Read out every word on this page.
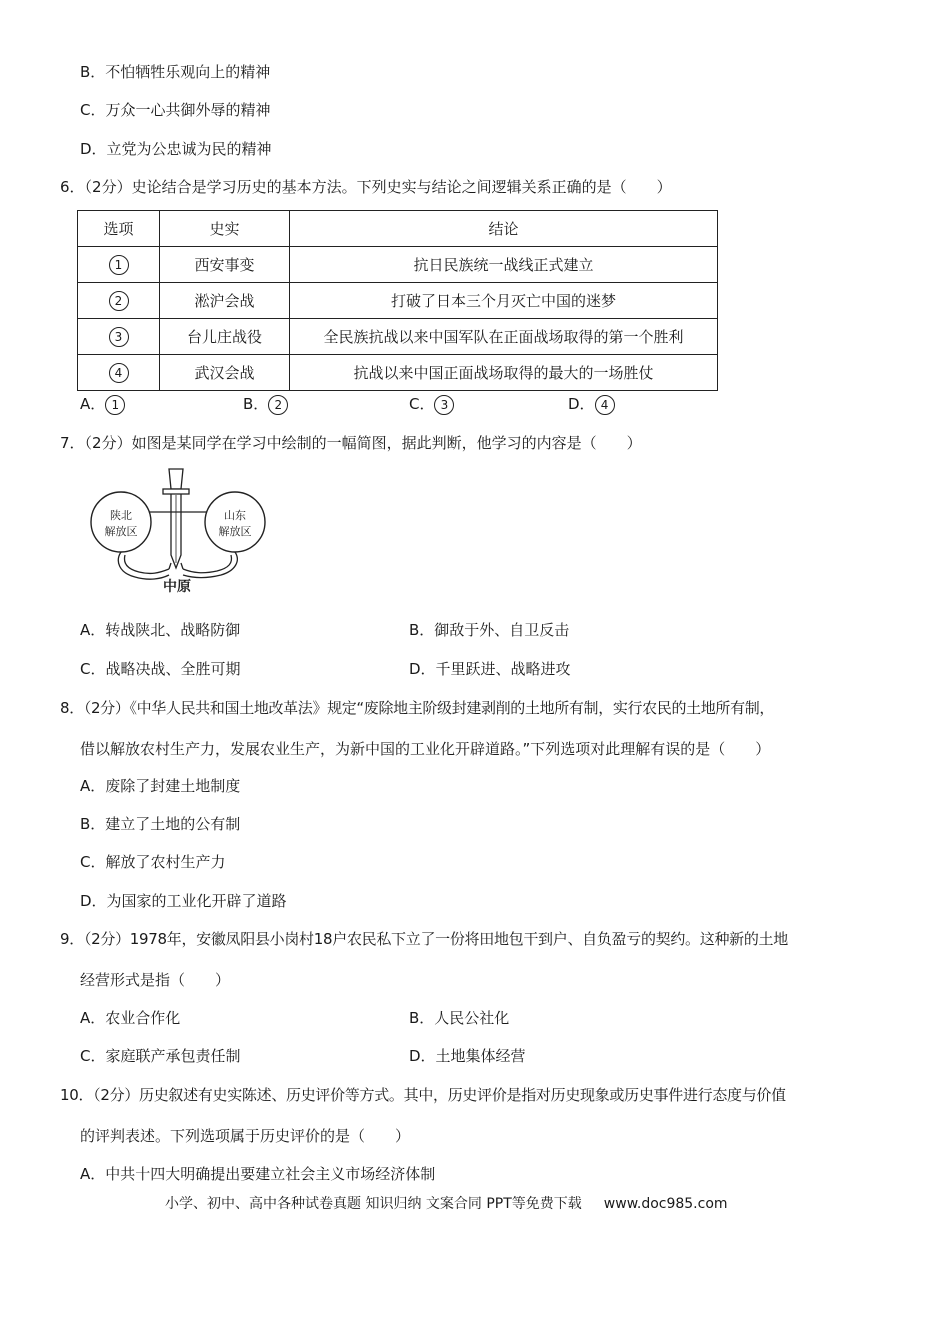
B．不怕牺牲乐观向上的精神
C．万众一心共御外辱的精神
D．立党为公忠诚为民的精神
6．（2分）史论结合是学习历史的基本方法。下列史实与结论之间逻辑关系正确的是（　　）
选项	史实	结论
1	西安事变	抗日民族统一战线正式建立
2	淞沪会战	打破了日本三个月灭亡中国的迷梦
3	台儿庄战役	全民族抗战以来中国军队在正面战场取得的第一个胜利
4	武汉会战	抗战以来中国正面战场取得的最大的一场胜仗
A． 1	B． 2	C． 3	D． 4
7．（2分）如图是某同学在学习中绘制的一幅简图，据此判断，他学习的内容是（　　）
陕北
解放区
山东
解放区
中原
A．转战陕北、战略防御	B．御敌于外、自卫反击
C．战略决战、全胜可期	D．千里跃进、战略进攻
8．（2分）《中华人民共和国土地改革法》规定“废除地主阶级封建剥削的土地所有制，实行农民的土地所有制，
借以解放农村生产力，发展农业生产，为新中国的工业化开辟道路。”下列选项对此理解有误的是（　　）
A．废除了封建土地制度
B．建立了土地的公有制
C．解放了农村生产力
D．为国家的工业化开辟了道路
9．（2分）1978年，安徽凤阳县小岗村18户农民私下立了一份将田地包干到户、自负盈亏的契约。这种新的土地
经营形式是指（　　）
A．农业合作化	B．人民公社化
C．家庭联产承包责任制	D．土地集体经营
10．（2分）历史叙述有史实陈述、历史评价等方式。其中，历史评价是指对历史现象或历史事件进行态度与价值
的评判表述。下列选项属于历史评价的是（　　）
A．中共十四大明确提出要建立社会主义市场经济体制
小学、初中、高中各种试卷真题 知识归纳 文案合同 PPT等免费下载 www.doc985.com
